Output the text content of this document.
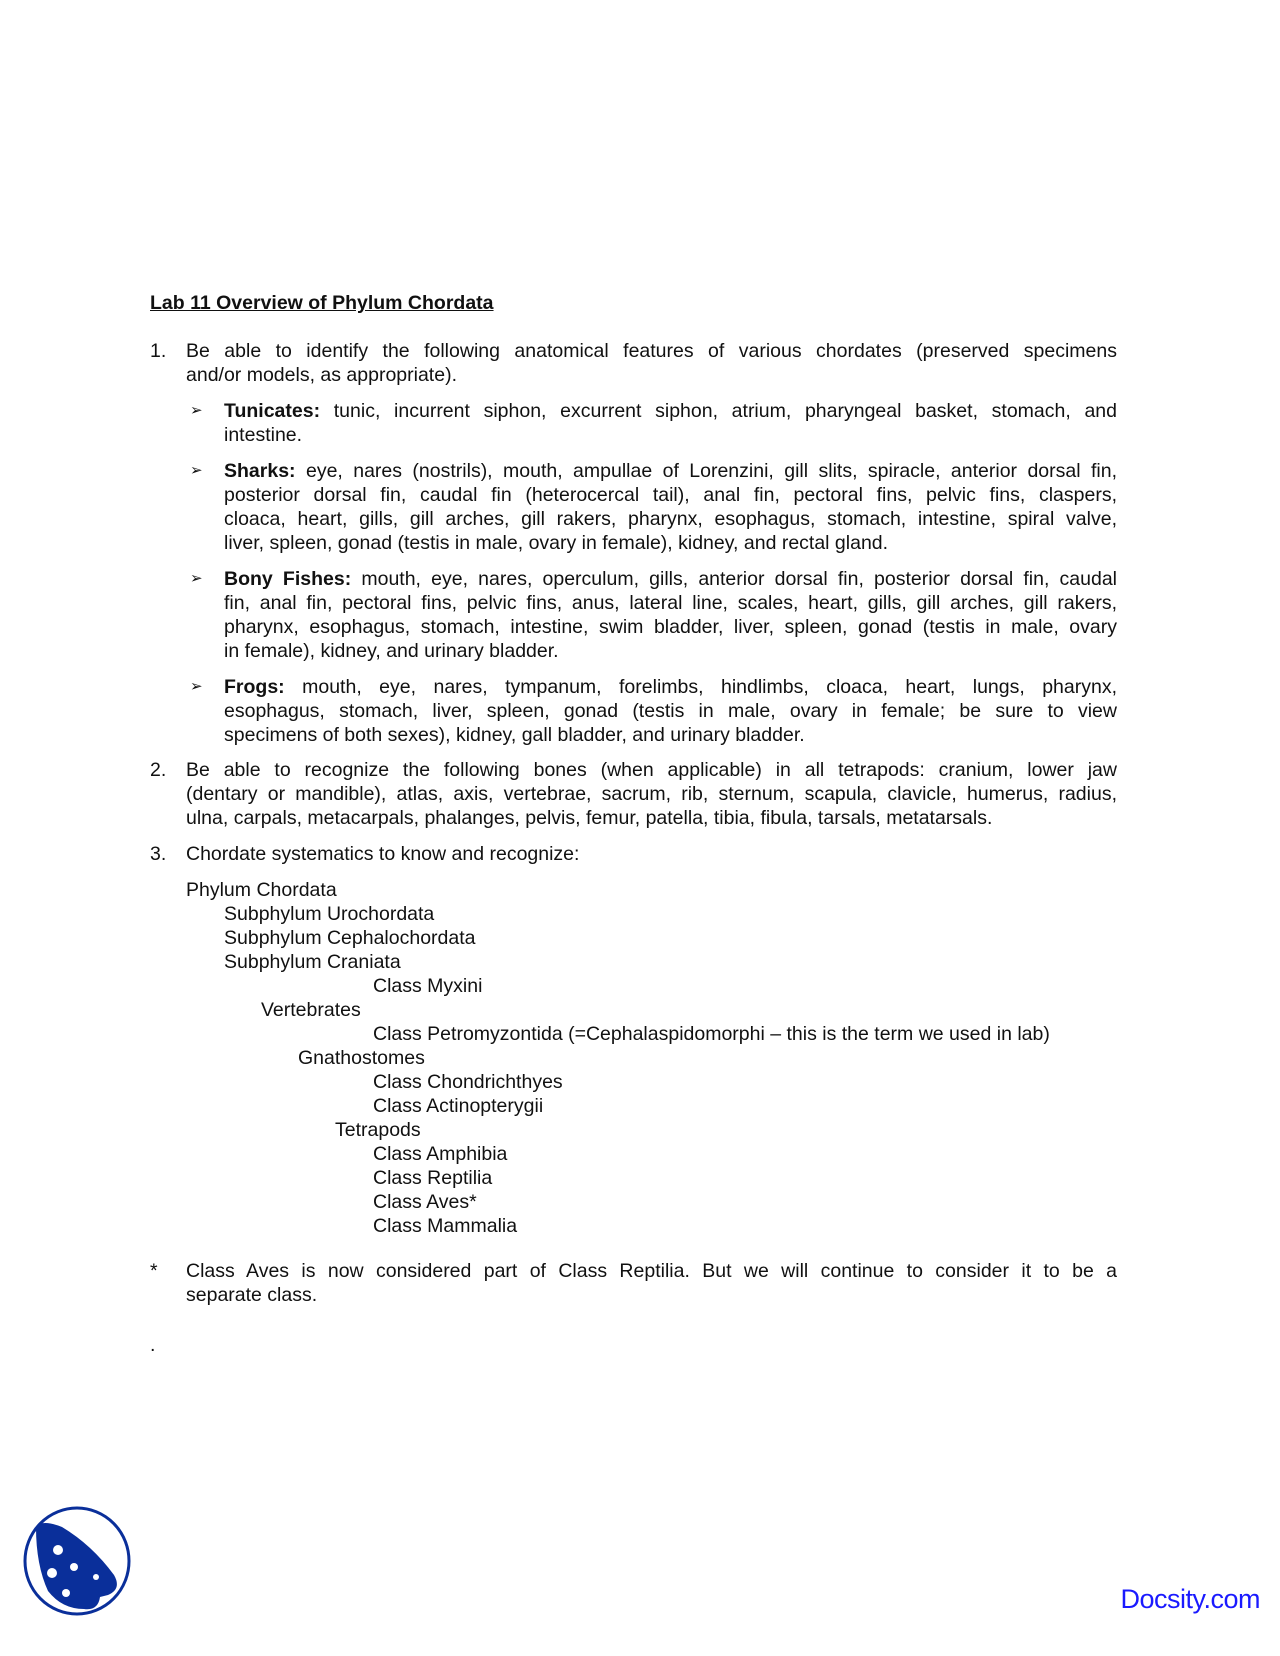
Lab 11 Overview of Phylum Chordata
1. Be able to identify the following anatomical features of various chordates (preserved specimens
and/or models, as appropriate).
➢ Tunicates: tunic, incurrent siphon, excurrent siphon, atrium, pharyngeal basket, stomach, and
intestine.
➢ Sharks: eye, nares (nostrils), mouth, ampullae of Lorenzini, gill slits, spiracle, anterior dorsal fin,
posterior dorsal fin, caudal fin (heterocercal tail), anal fin, pectoral fins, pelvic fins, claspers,
cloaca, heart, gills, gill arches, gill rakers, pharynx, esophagus, stomach, intestine, spiral valve,
liver, spleen, gonad (testis in male, ovary in female), kidney, and rectal gland.
➢ Bony Fishes: mouth, eye, nares, operculum, gills, anterior dorsal fin, posterior dorsal fin, caudal
fin, anal fin, pectoral fins, pelvic fins, anus, lateral line, scales, heart, gills, gill arches, gill rakers,
pharynx, esophagus, stomach, intestine, swim bladder, liver, spleen, gonad (testis in male, ovary
in female), kidney, and urinary bladder.
➢ Frogs: mouth, eye, nares, tympanum, forelimbs, hindlimbs, cloaca, heart, lungs, pharynx,
esophagus, stomach, liver, spleen, gonad (testis in male, ovary in female; be sure to view
specimens of both sexes), kidney, gall bladder, and urinary bladder.
2. Be able to recognize the following bones (when applicable) in all tetrapods: cranium, lower jaw
(dentary or mandible), atlas, axis, vertebrae, sacrum, rib, sternum, scapula, clavicle, humerus, radius,
ulna, carpals, metacarpals, phalanges, pelvis, femur, patella, tibia, fibula, tarsals, metatarsals.
3. Chordate systematics to know and recognize:
Phylum Chordata
Subphylum Urochordata
Subphylum Cephalochordata
Subphylum Craniata
Class Myxini
Vertebrates
Class Petromyzontida (=Cephalaspidomorphi – this is the term we used in lab)
Gnathostomes
Class Chondrichthyes
Class Actinopterygii
Tetrapods
Class Amphibia
Class Reptilia
Class Aves*
Class Mammalia
* Class Aves is now considered part of Class Reptilia. But we will continue to consider it to be a
separate class.
.
Docsity.com
